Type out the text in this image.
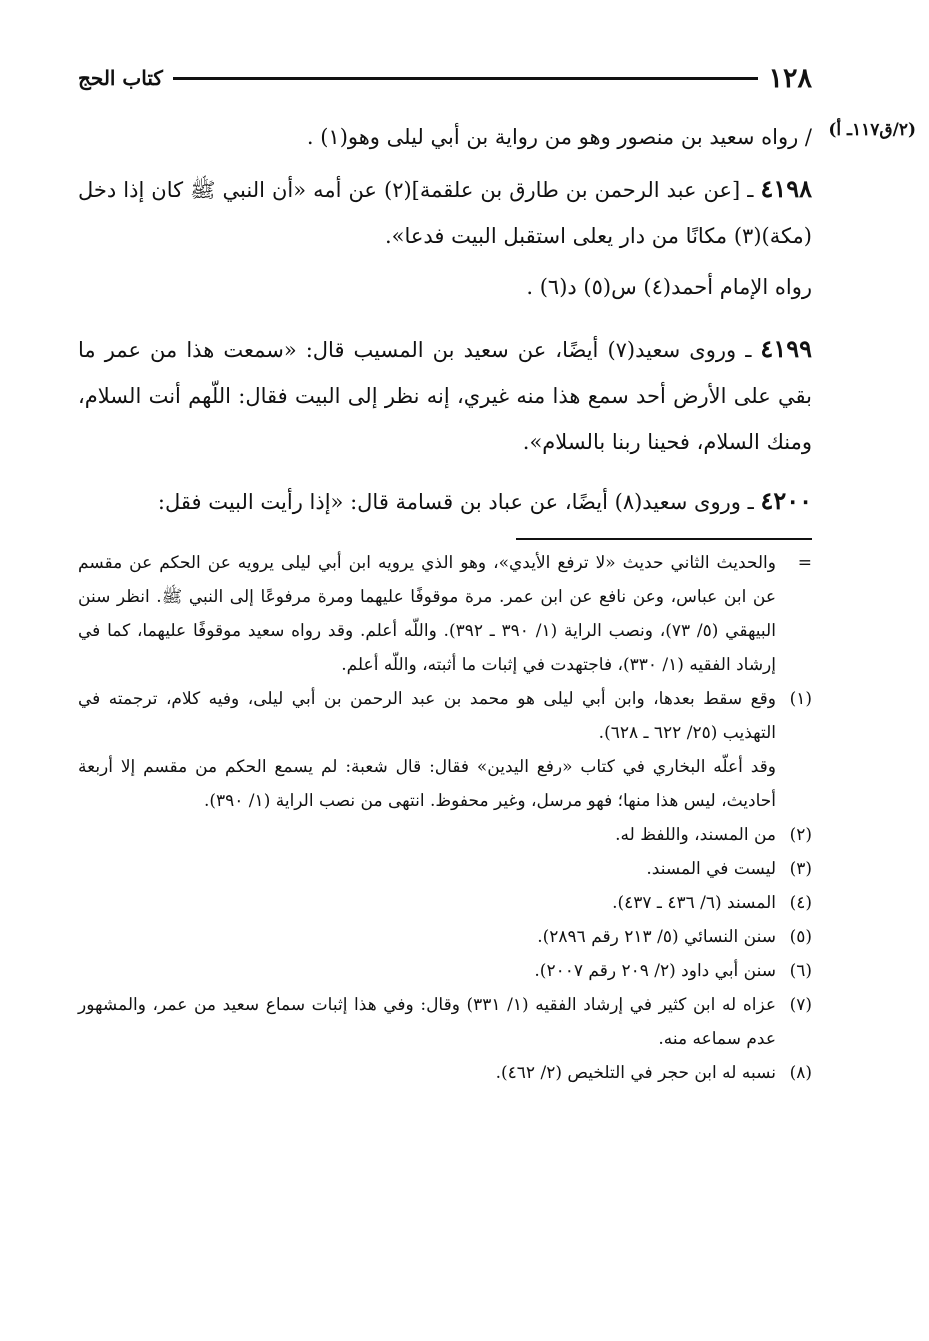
١٢٨
كتاب الحج
(٢/ق١١٧ـ أ)
/ رواه سعيد بن منصور وهو من رواية بن أبي ليلى وهو(١) .
٤١٩٨ ـ [عن عبد الرحمن بن طارق بن علقمة](٢) عن أمه «أن النبي ﷺ كان إذا دخل (مكة)(٣) مكانًا من دار يعلى استقبل البيت فدعا».
رواه الإمام أحمد(٤) س(٥) د(٦) .
٤١٩٩ ـ وروى سعيد(٧) أيضًا، عن سعيد بن المسيب قال: «سمعت هذا من عمر ما بقي على الأرض أحد سمع هذا منه غيري، إنه نظر إلى البيت فقال: اللّهم أنت السلام، ومنك السلام، فحينا ربنا بالسلام».
٤٢٠٠ ـ وروى سعيد(٨) أيضًا، عن عباد بن قسامة قال: «إذا رأيت البيت فقل:
=
والحديث الثاني حديث «لا ترفع الأيدي»، وهو الذي يرويه ابن أبي ليلى يرويه عن الحكم عن مقسم عن ابن عباس، وعن نافع عن ابن عمر. مرة موقوفًا عليهما ومرة مرفوعًا إلى النبي ﷺ. انظر سنن البيهقي (٥/ ٧٣)، ونصب الراية (١/ ٣٩٠ ـ ٣٩٢). واللّه أعلم. وقد رواه سعيد موقوفًا عليهما، كما في إرشاد الفقيه (١/ ٣٣٠)، فاجتهدت في إثبات ما أثبته، واللّه أعلم.
(١)
وقع سقط بعدها، وابن أبي ليلى هو محمد بن عبد الرحمن بن أبي ليلى، وفيه كلام، ترجمته في التهذيب (٢٥/ ٦٢٢ ـ ٦٢٨).
وقد أعلّه البخاري في كتاب «رفع اليدين» فقال: قال شعبة: لم يسمع الحكم من مقسم إلا أربعة أحاديث، ليس هذا منها؛ فهو مرسل، وغير محفوظ. انتهى من نصب الراية (١/ ٣٩٠).
(٢)
من المسند، واللفظ له.
(٣)
ليست في المسند.
(٤)
المسند (٦/ ٤٣٦ ـ ٤٣٧).
(٥)
سنن النسائي (٥/ ٢١٣ رقم ٢٨٩٦).
(٦)
سنن أبي داود (٢/ ٢٠٩ رقم ٢٠٠٧).
(٧)
عزاه له ابن كثير في إرشاد الفقيه (١/ ٣٣١) وقال: وفي هذا إثبات سماع سعيد من عمر، والمشهور عدم سماعه منه.
(٨)
نسبه له ابن حجر في التلخيص (٢/ ٤٦٢).
